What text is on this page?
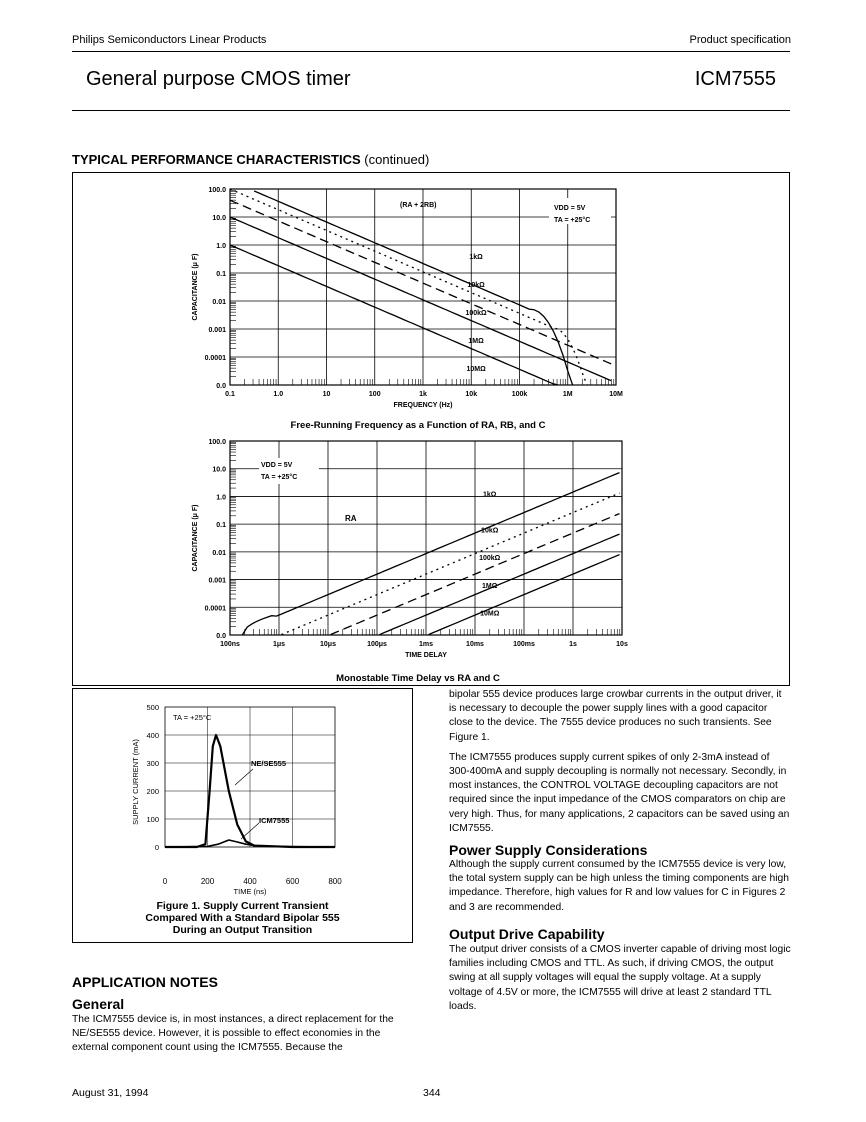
Philips Semiconductors Linear Products	Product specification
General purpose CMOS timer	ICM7555
TYPICAL PERFORMANCE CHARACTERISTICS (continued)
0.1	1.0	10	100	1k	10k	100k	1M	10M
100.0
10.0
1.0
0.1
0.01
0.001
0.0001
0.0
FREQUENCY (Hz)
CAPACITANCE (μ F)	1kΩ
10kΩ
100kΩ
1MΩ
10MΩ
(RA + 2RB)	VDD = 5V
TA = +25°C
Free-Running Frequency as a Function of RA, RB, and C
100ns	1μs	10μs	100μs	1ms	10ms	100ms	1s	10s
100.0
10.0
1.0
0.1
0.01
0.001
0.0001
0.0
TIME DELAY
CAPACITANCE (μ F)
1kΩ
10kΩ
100kΩ
1MΩ
10MΩ
VDD = 5V
TA = +25°C
RA
Monostable Time Delay vs RA and C
0	200	400	600	800
500
400
300
200
100
0
TIME (ns)
SUPPLY CURRENT (mA)
TA = +25°C
NE/SE555
ICM7555
Figure 1. Supply Current Transient
Compared With a Standard Bipolar 555
During an Output Transition
APPLICATION NOTES
General
The ICM7555 device is, in most instances, a direct replacement for the NE/SE555 device. However, it is possible to effect economies in the external component count using the ICM7555. Because the

bipolar 555 device produces large crowbar currents in the output driver, it is necessary to decouple the power supply lines with a good capacitor close to the device. The 7555 device produces no such transients. See Figure 1.

The ICM7555 produces supply current spikes of only 2-3mA instead of 300-400mA and supply decoupling is normally not necessary. Secondly, in most instances, the CONTROL VOLTAGE decoupling capacitors are not required since the input impedance of the CMOS comparators on chip are very high. Thus, for many applications, 2 capacitors can be saved using an ICM7555.

Power Supply Considerations
Although the supply current consumed by the ICM7555 device is very low, the total system supply can be high unless the timing components are high impedance. Therefore, high values for R and low values for C in Figures 2 and 3 are recommended.
Output Drive Capability
The output driver consists of a CMOS inverter capable of driving most logic families including CMOS and TTL. As such, if driving CMOS, the output swing at all supply voltages will equal the supply voltage. At a supply voltage of 4.5V or more, the ICM7555 will drive at least 2 standard TTL loads.
August 31, 1994	344
